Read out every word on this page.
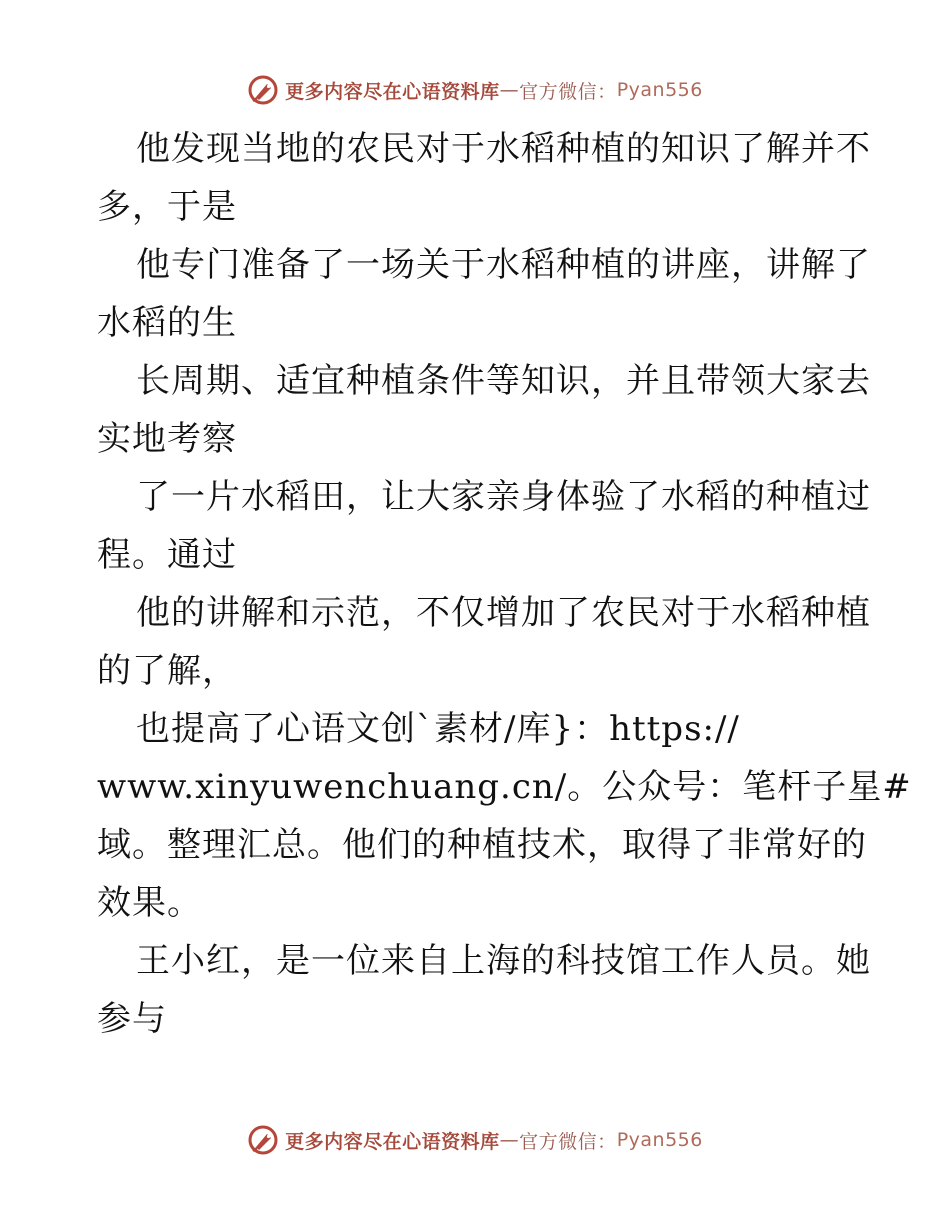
更多内容尽在心语资料库 — 官方微信： Pyan556
他发现当地的农民对于水稻种植的知识了解并不
多，于是
他专门准备了一场关于水稻种植的讲座，讲解了
水稻的生
长周期、适宜种植条件等知识，并且带领大家去
实地考察
了一片水稻田，让大家亲身体验了水稻的种植过
程。通过
他的讲解和示范，不仅增加了农民对于水稻种植
的了解，
也提高了心语文创`素材/库}：https://
www.xinyuwenchuang.cn/。公众号：笔杆子星#
域。整理汇总。他们的种植技术，取得了非常好的
效果。
王小红，是一位来自上海的科技馆工作人员。她
参与
更多内容尽在心语资料库 — 官方微信： Pyan556
